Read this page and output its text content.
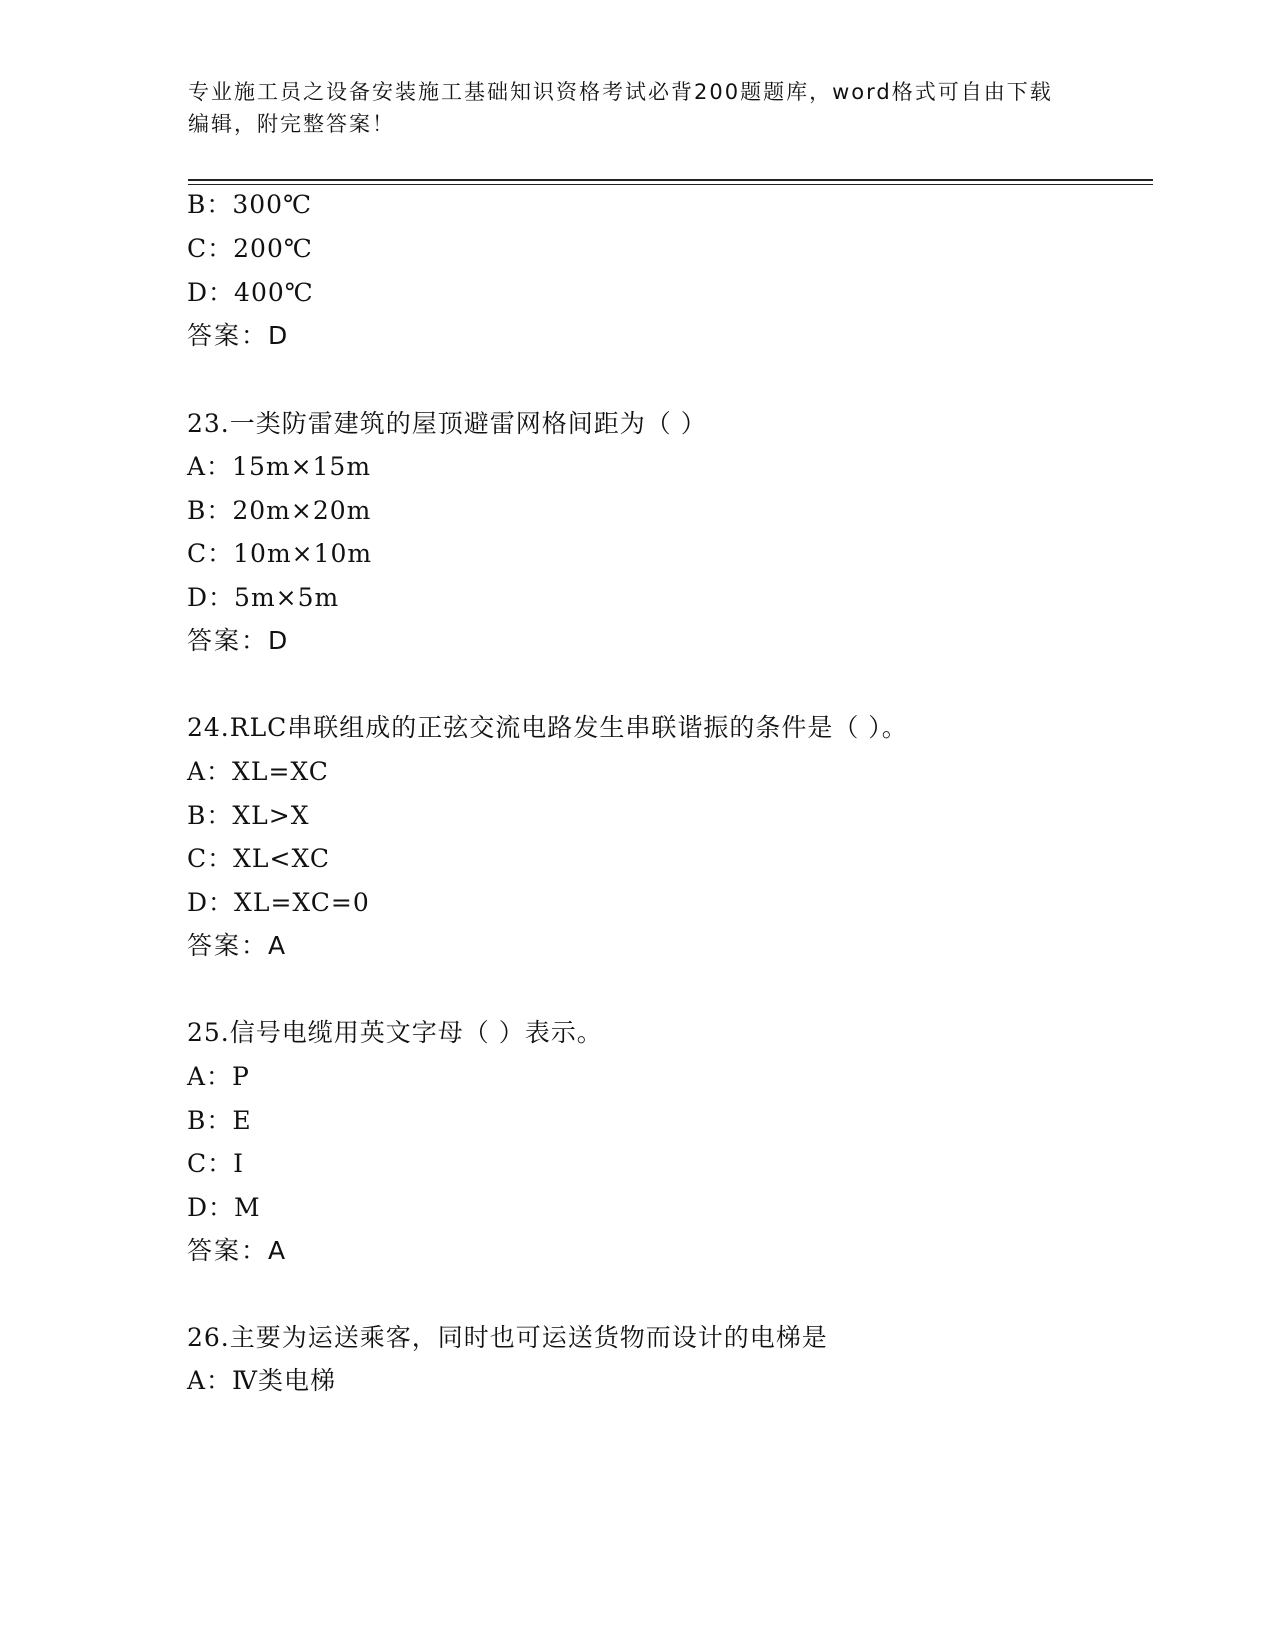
专业施工员之设备安装施工基础知识资格考试必背200题题库，word格式可自由下载编辑，附完整答案！
B：300℃
C：200℃
D：400℃
答案：D
23.一类防雷建筑的屋顶避雷网格间距为（ ）
A：15m×15m
B：20m×20m
C：10m×10m
D：5m×5m
答案：D
24.RLC串联组成的正弦交流电路发生串联谐振的条件是（ ）。
A：XL=XC
B：XL>X
C：XL<XC
D：XL=XC=0
答案：A
25.信号电缆用英文字母（ ）表示。
A：P
B：E
C：I
D：M
答案：A
26.主要为运送乘客，同时也可运送货物而设计的电梯是
A：Ⅳ类电梯
